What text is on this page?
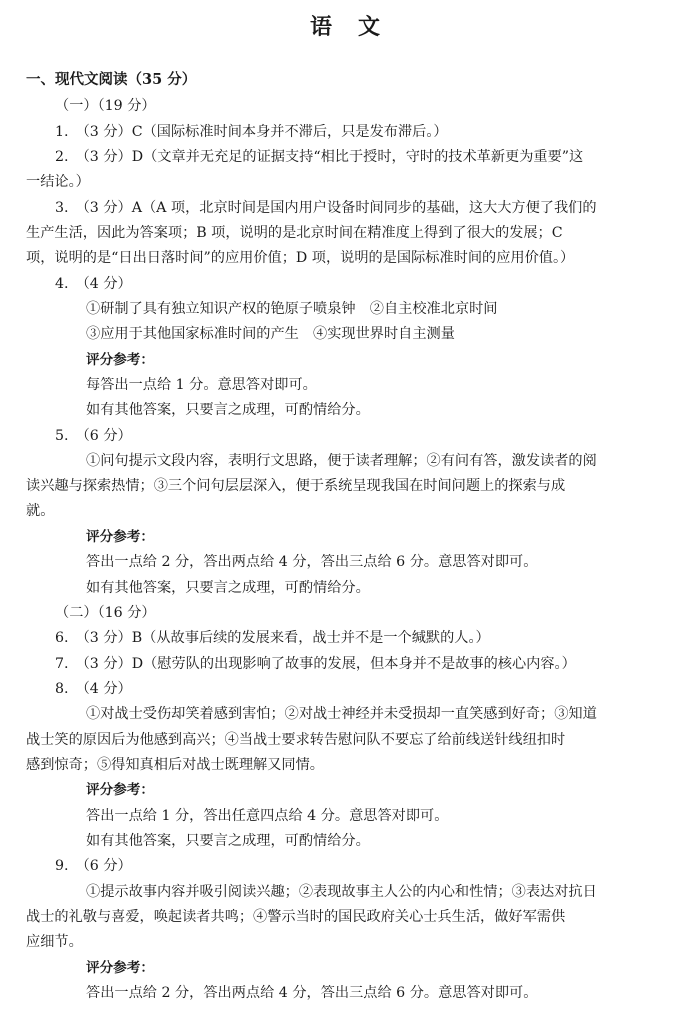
语　文
一、现代文阅读（35 分）
（一）（19 分）
1.　（3 分）C（国际标准时间本身并不滞后，只是发布滞后。）
2.　（3 分）D（文章并无充足的证据支持“相比于授时，守时的技术革新更为重要”这
一结论。）
3.　（3 分）A（A 项，北京时间是国内用户设备时间同步的基础，这大大方便了我们的
生产生活，因此为答案项；B 项，说明的是北京时间在精准度上得到了很大的发展；C
项，说明的是“日出日落时间”的应用价值；D 项，说明的是国际标准时间的应用价值。）
4.　（4 分）
①研制了具有独立知识产权的铯原子喷泉钟　②自主校准北京时间
③应用于其他国家标准时间的产生　④实现世界时自主测量
评分参考：
每答出一点给 1 分。意思答对即可。
如有其他答案，只要言之成理，可酌情给分。
5.　（6 分）
①问句提示文段内容，表明行文思路，便于读者理解；②有问有答，激发读者的阅
读兴趣与探索热情；③三个问句层层深入，便于系统呈现我国在时间问题上的探索与成
就。
评分参考：
答出一点给 2 分，答出两点给 4 分，答出三点给 6 分。意思答对即可。
如有其他答案，只要言之成理，可酌情给分。
（二）（16 分）
6.　（3 分）B（从故事后续的发展来看，战士并不是一个缄默的人。）
7.　（3 分）D（慰劳队的出现影响了故事的发展，但本身并不是故事的核心内容。）
8.　（4 分）
①对战士受伤却笑着感到害怕；②对战士神经并未受损却一直笑感到好奇；③知道
战士笑的原因后为他感到高兴；④当战士要求转告慰问队不要忘了给前线送针线纽扣时
感到惊奇；⑤得知真相后对战士既理解又同情。
评分参考：
答出一点给 1 分，答出任意四点给 4 分。意思答对即可。
如有其他答案，只要言之成理，可酌情给分。
9.　（6 分）
①提示故事内容并吸引阅读兴趣；②表现故事主人公的内心和性情；③表达对抗日
战士的礼敬与喜爱，唤起读者共鸣；④警示当时的国民政府关心士兵生活，做好军需供
应细节。
评分参考：
答出一点给 2 分，答出两点给 4 分，答出三点给 6 分。意思答对即可。
